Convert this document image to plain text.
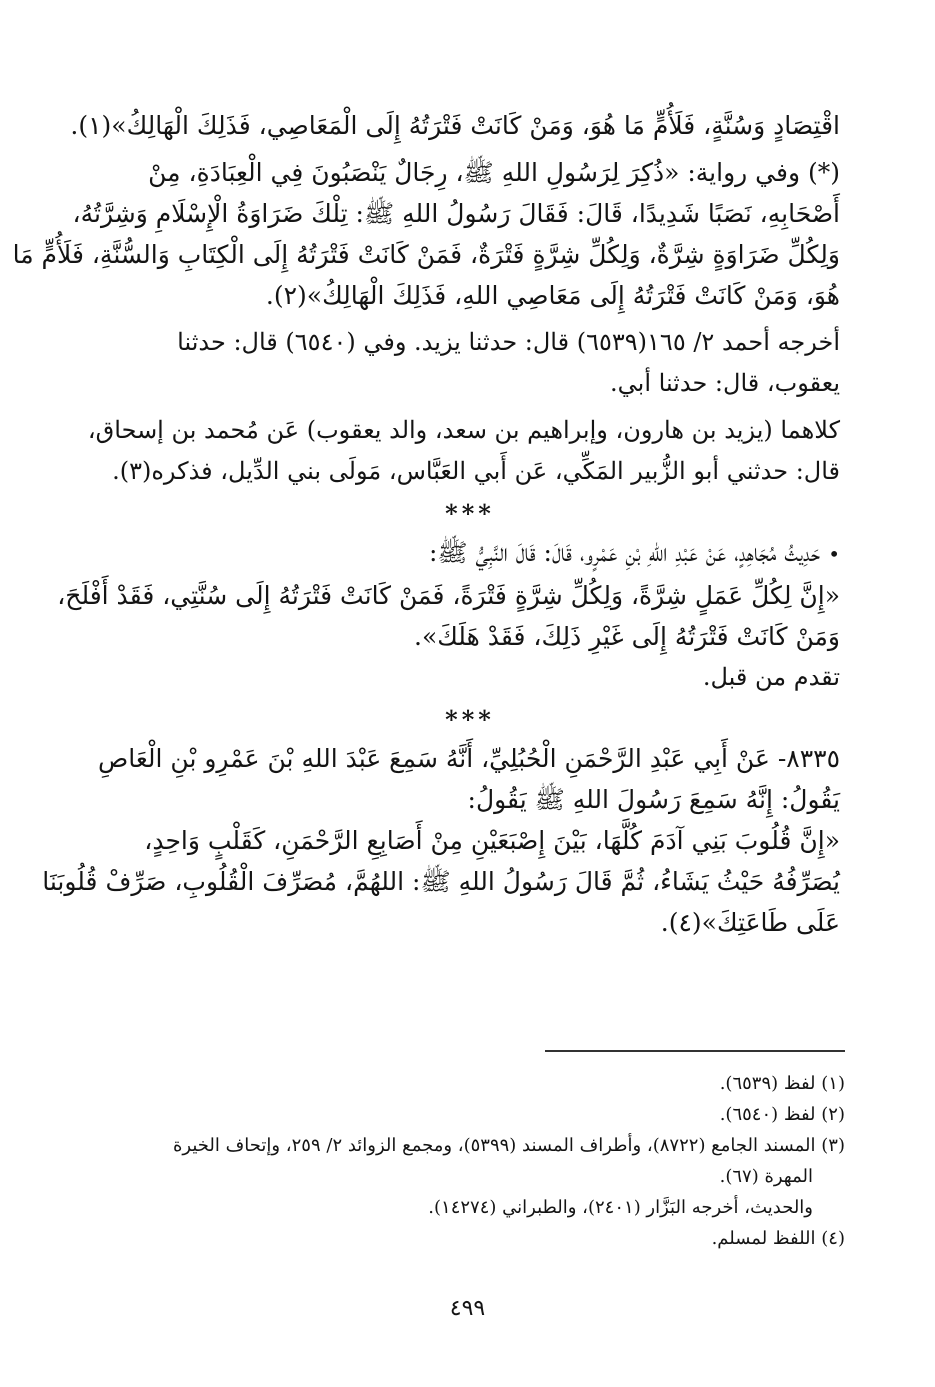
اقْتِصَادٍ وَسُنَّةٍ، فَلَأُمٍّ مَا هُوَ، وَمَنْ كَانَتْ فَتْرَتُهُ إِلَى الْمَعَاصِي، فَذَلِكَ الْهَالِكُ»(١).

(*) وفي رواية: «ذُكِرَ لِرَسُولِ اللهِ ﷺ، رِجَالٌ يَنْصَبُونَ فِي الْعِبَادَةِ، مِنْ

أَصْحَابِهِ، نَصَبًا شَدِيدًا، قَالَ: فَقَالَ رَسُولُ اللهِ ﷺ: تِلْكَ ضَرَاوَةُ الْإِسْلَامِ وَشِرَّتُهُ،

وَلِكُلِّ ضَرَاوَةٍ شِرَّةٌ، وَلِكُلِّ شِرَّةٍ فَتْرَةٌ، فَمَنْ كَانَتْ فَتْرَتُهُ إِلَى الْكِتَابِ وَالسُّنَّةِ، فَلَأُمٍّ مَا

هُوَ، وَمَنْ كَانَتْ فَتْرَتُهُ إِلَى مَعَاصِي اللهِ، فَذَلِكَ الْهَالِكُ»(٢).

أخرجه أحمد ٢/ ١٦٥(٦٥٣٩) قال: حدثنا يزيد. وفي (٦٥٤٠) قال: حدثنا

يعقوب، قال: حدثنا أبي.

كلاهما (يزيد بن هارون، وإبراهيم بن سعد، والد يعقوب) عَن مُحمد بن إسحاق،

قال: حدثني أبو الزُّبير المَكِّي، عَن أَبي العَبَّاس، مَولَى بني الدِّيل، فذكره(٣).

***

• حَدِيثُ مُجَاهِدٍ، عَنْ عَبْدِ اللهِ بْنِ عَمْرٍو، قَالَ: قَالَ النَّبِيُّ ﷺ:

«إِنَّ لِكُلِّ عَمَلٍ شِرَّةً، وَلِكُلِّ شِرَّةٍ فَتْرَةً، فَمَنْ كَانَتْ فَتْرَتُهُ إِلَى سُنَّتِي، فَقَدْ أَفْلَحَ،

وَمَنْ كَانَتْ فَتْرَتُهُ إِلَى غَيْرِ ذَلِكَ، فَقَدْ هَلَكَ».

تقدم من قبل.

***

٨٣٣٥- عَنْ أَبِي عَبْدِ الرَّحْمَنِ الْحُبُلِيِّ، أَنَّهُ سَمِعَ عَبْدَ اللهِ بْنَ عَمْرِو بْنِ الْعَاصِ

يَقُولُ: إِنَّهُ سَمِعَ رَسُولَ اللهِ ﷺ يَقُولُ:

«إِنَّ قُلُوبَ بَنِي آدَمَ كُلَّهَا، بَيْنَ إِصْبَعَيْنِ مِنْ أَصَابِعِ الرَّحْمَنِ، كَقَلْبٍ وَاحِدٍ،

يُصَرِّفُهُ حَيْثُ يَشَاءُ، ثُمَّ قَالَ رَسُولُ اللهِ ﷺ: اللهُمَّ، مُصَرِّفَ الْقُلُوبِ، صَرِّفْ قُلُوبَنَا

عَلَى طَاعَتِكَ»(٤).

(١) لفظ (٦٥٣٩).

(٢) لفظ (٦٥٤٠).

(٣) المسند الجامع (٨٧٢٢)، وأطراف المسند (٥٣٩٩)، ومجمع الزوائد ٢/ ٢٥٩، وإتحاف الخيرة

المهرة (٦٧).

والحديث، أخرجه البَزَّار (٢٤٠١)، والطبراني (١٤٢٧٤).

(٤) اللفظ لمسلم.

٤٩٩
